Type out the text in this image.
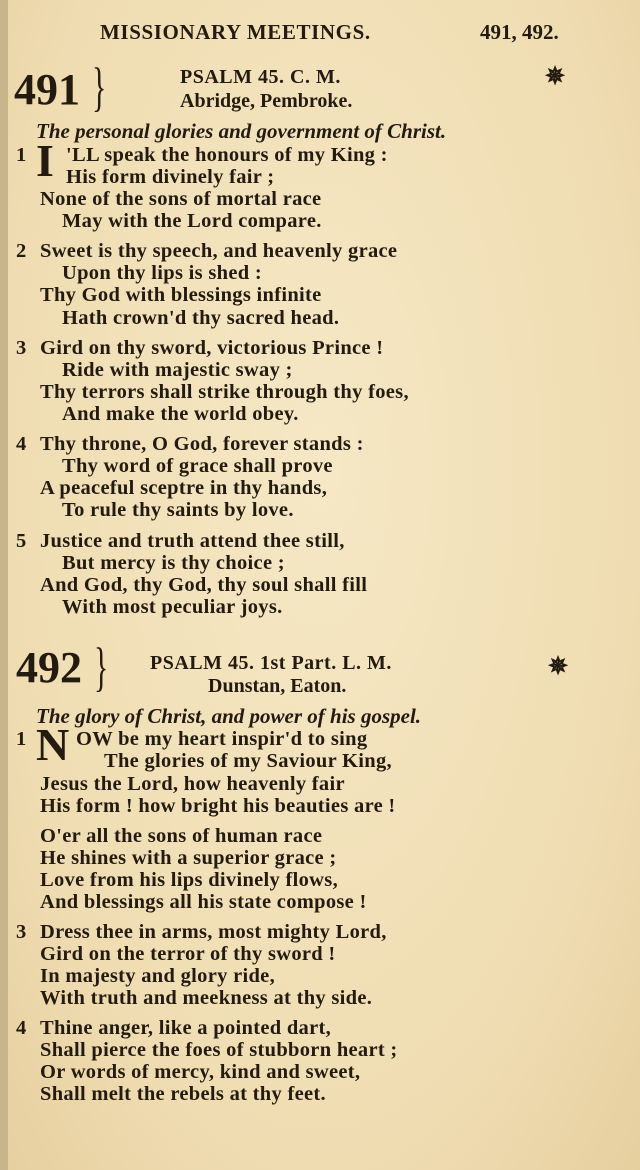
MISSIONARY MEETINGS.	491, 492.
491 }	PSALM 45. C. M.	✵
Abridge, Pembroke.
The personal glories and government of Christ.
1 I 'LL speak the honours of my King :
His form divinely fair ;
None of the sons of mortal race
May with the Lord compare.
2 Sweet is thy speech, and heavenly grace
Upon thy lips is shed :
Thy God with blessings infinite
Hath crown'd thy sacred head.
3 Gird on thy sword, victorious Prince !
Ride with majestic sway ;
Thy terrors shall strike through thy foes,
And make the world obey.
4 Thy throne, O God, forever stands :
Thy word of grace shall prove
A peaceful sceptre in thy hands,
To rule thy saints by love.
5 Justice and truth attend thee still,
But mercy is thy choice ;
And God, thy God, thy soul shall fill
With most peculiar joys.
492 } PSALM 45. 1st Part. L. M.	✵
Dunstan, Eaton.
The glory of Christ, and power of his gospel.
1 N OW be my heart inspir'd to sing
The glories of my Saviour King,
Jesus the Lord, how heavenly fair
His form ! how bright his beauties are !
O'er all the sons of human race
He shines with a superior grace ;
Love from his lips divinely flows,
And blessings all his state compose !
3 Dress thee in arms, most mighty Lord,
Gird on the terror of thy sword !
In majesty and glory ride,
With truth and meekness at thy side.
4 Thine anger, like a pointed dart,
Shall pierce the foes of stubborn heart ;
Or words of mercy, kind and sweet,
Shall melt the rebels at thy feet.
